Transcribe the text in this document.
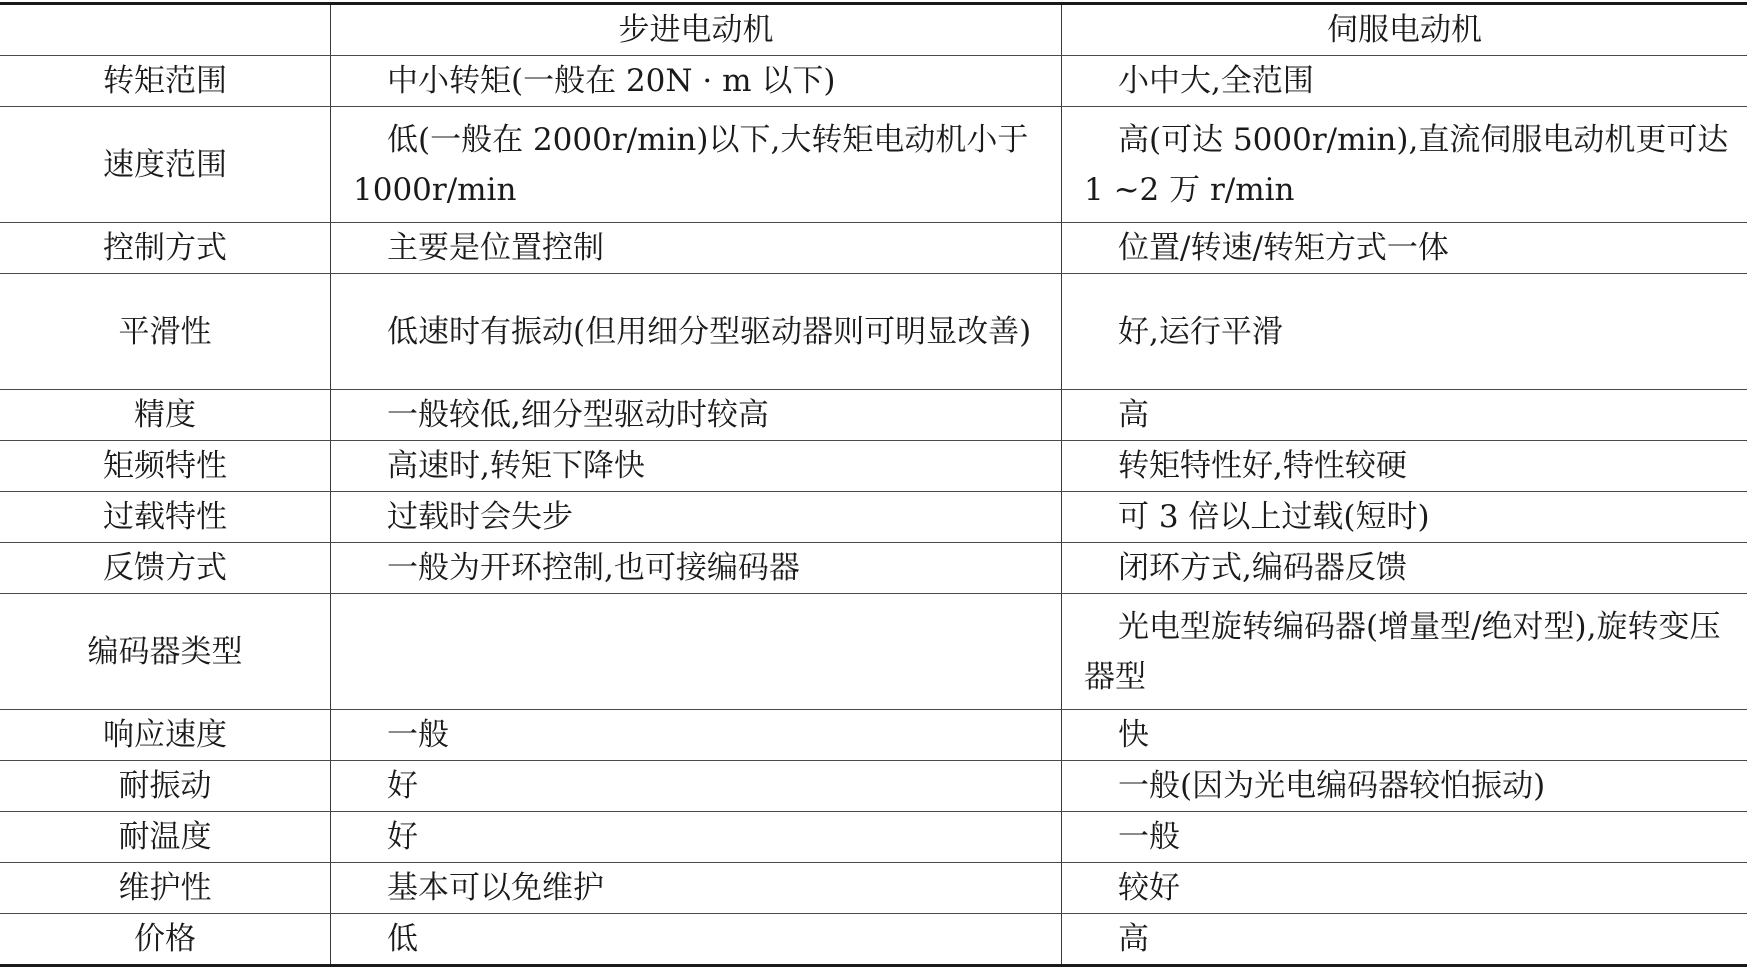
	步进电动机	伺服电动机
转矩范围	中小转矩(一般在 20N · m 以下)	小中大,全范围
速度范围	低(一般在 2000r/min)以下,大转矩电动机小于 1000r/min	高(可达 5000r/min),直流伺服电动机更可达 1 ~2 万 r/min
控制方式	主要是位置控制	位置/转速/转矩方式一体
平滑性	低速时有振动(但用细分型驱动器则可明显改善)	好,运行平滑
精度	一般较低,细分型驱动时较高	高
矩频特性	高速时,转矩下降快	转矩特性好,特性较硬
过载特性	过载时会失步	可 3 倍以上过载(短时)
反馈方式	一般为开环控制,也可接编码器	闭环方式,编码器反馈
编码器类型		光电型旋转编码器(增量型/绝对型),旋转变压器型
响应速度	一般	快
耐振动	好	一般(因为光电编码器较怕振动)
耐温度	好	一般
维护性	基本可以免维护	较好
价格	低	高
